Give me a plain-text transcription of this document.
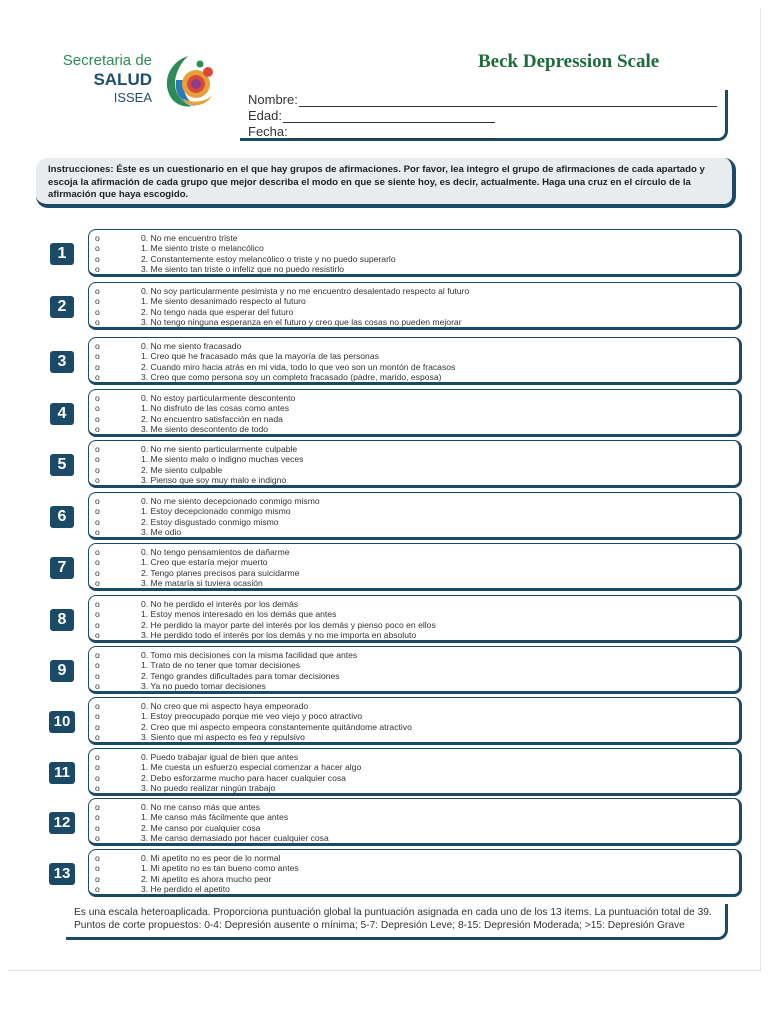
Secretaria de
SALUD
ISSEA
Beck Depression Scale
Nombre:
Edad:
Fecha:
Instrucciones: Éste es un cuestionario en el que hay grupos de afirmaciones. Por favor, lea integro el grupo de afirmaciones de cada apartado y escoja la afirmación de cada grupo que mejor describa el modo en que se siente hoy, es decir, actualmente. Haga una cruz en el círculo de la afirmación que haya escogido.
1
o	0. No me encuentro triste
o	1. Me siento triste o melancólico
o	2. Constantemente estoy melancólico o triste y no puedo superarlo
o	3. Me siento tan triste o infeliz que no puedo resistirlo
2
o	0. No soy particularmente pesimista y no me encuentro desalentado respecto al futuro
o	1. Me siento desanimado respecto al futuro
o	2. No tengo nada que esperar del futuro
o	3. No tengo ninguna esperanza en el futuro y creo que las cosas no pueden mejorar
3
o	0. No me siento fracasado
o	1. Creo que he fracasado más que la mayoría de las personas
o	2. Cuando miro hacia atrás en mi vida, todo lo que veo son un montón de fracasos
o	3. Creo que como persona soy un completo fracasado (padre, marido, esposa)
4
o	0. No estoy particularmente descontento
o	1. No disfruto de las cosas como antes
o	2. No encuentro satisfacción en nada
o	3. Me siento descontento de todo
5
o	0. No me siento particularmente culpable
o	1. Me siento malo o indigno muchas veces
o	2. Me siento culpable
o	3. Pienso que soy muy malo e indigno
6
o	0. No me siento decepcionado conmigo mismo
o	1. Estoy decepcionado conmigo mismo
o	2. Estoy disgustado conmigo mismo
o	3. Me odio
7
o	0. No tengo pensamientos de dañarme
o	1. Creo que estaría mejor muerto
o	2. Tengo planes precisos para suicidarme
o	3. Me mataría si tuviera ocasión
8
o	0. No he perdido el interés por los demás
o	1. Estoy menos interesado en los demás que antes
o	2. He perdido la mayor parte del interés por los demás y pienso poco en ellos
o	3. He perdido todo el interés por los demás y no me importa en absoluto
9
o	0. Tomo mis decisiones con la misma facilidad que antes
o	1. Trato de no tener que tomar decisiones
o	2. Tengo grandes dificultades para tomar decisiones
o	3. Ya no puedo tomar decisiones
10
o	0. No creo que mi aspecto haya empeorado
o	1. Estoy preocupado porque me veo viejo y poco atractivo
o	2. Creo que mi aspecto empeora constantemente quitándome atractivo
o	3. Siento que mi aspecto es feo y repulsivo
11
o	0. Puedo trabajar igual de bien que antes
o	1. Me cuesta un esfuerzo especial comenzar a hacer algo
o	2. Debo esforzarme mucho para hacer cualquier cosa
o	3. No puedo realizar ningún trabajo
12
o	0. No me canso más que antes
o	1. Me canso más fácilmente que antes
o	2. Me canso por cualquier cosa
o	3. Me canso demasiado por hacer cualquier cosa
13
o	0. Mi apetito no es peor de lo normal
o	1. Mi apetito no es tan bueno como antes
o	2. Mi apetito es ahora mucho peor
o	3. He perdido el apetito
Es una escala heteroaplicada. Proporciona puntuación global la puntuación asignada en cada uno de los 13 items. La puntuación total de 39. Puntos de corte propuestos: 0-4: Depresión ausente o mínima; 5-7: Depresión Leve; 8-15: Depresión Moderada; >15: Depresión Grave
